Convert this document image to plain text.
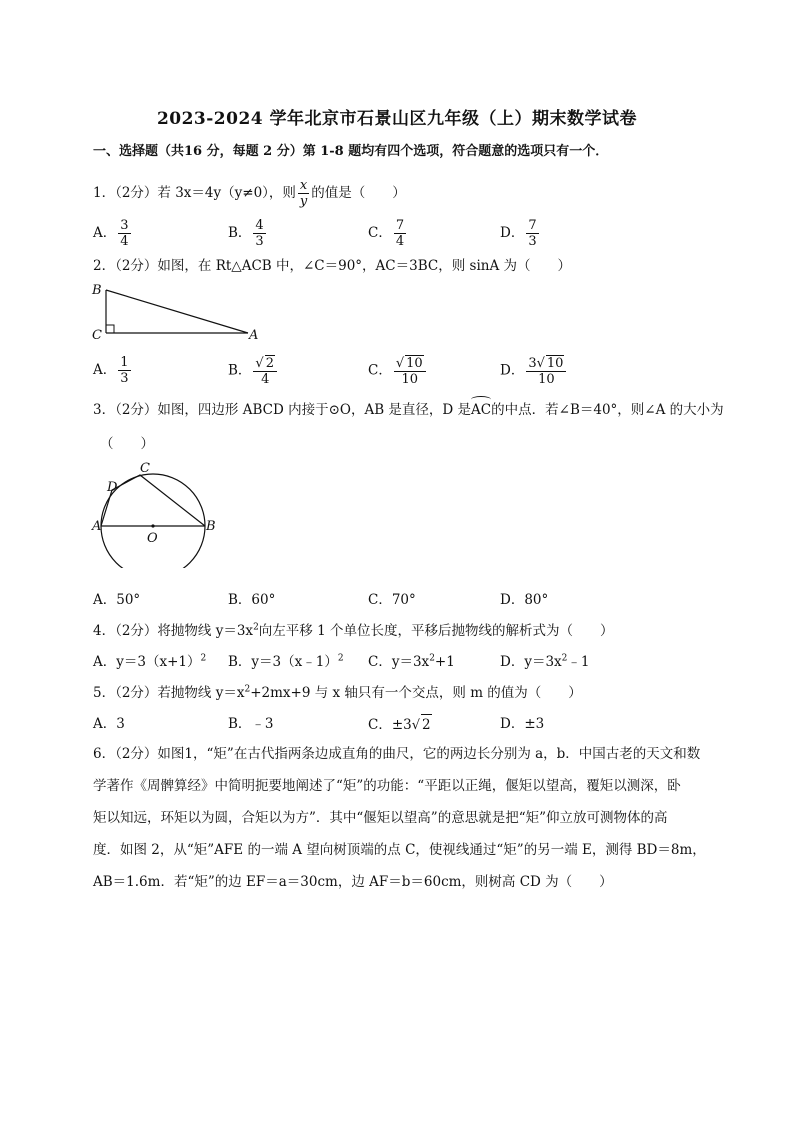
2023-2024 学年北京市石景山区九年级（上）期末数学试卷
一、选择题（共16 分，每题 2 分）第 1-8 题均有四个选项，符合题意的选项只有一个．
1．（2分）若 3x＝4y（y≠0），则 $\frac{x}{y}$ 的值是（　　）
A． $\frac{3}{4}$	B． $\frac{4}{3}$	C． $\frac{7}{4}$	D． $\frac{7}{3}$
2．（2分）如图，在 Rt△ACB 中，∠C＝90°，AC＝3BC，则 sinA 为（　　）
B
C	A
A． $\frac{1}{3}$	B． $\frac{√ 2}{4}$	C． $\frac{√ 10}{10}$	D． $\frac{3√ 10}{10}$
3．（2分）如图，四边形 ABCD 内接于⊙O，AB 是直径，D 是AC的中点．若∠B＝40°，则∠A 的大小为
（　　）
C
D
A	B
O
A．50°	B．60°	C．70°	D．80°
4．（2分）将抛物线 $y=3x^2$向左平移 1 个单位长度，平移后抛物线的解析式为（　　）
A．$y=3(x+1)^2$ B．y＝3（x﹣1）$^2$ C．$y=3x^2+1$	D．$y=3x^2﹣1$
5．（2分）若抛物线 $y=x^2+2mx+9$ 与 x 轴只有一个交点，则 m 的值为（　　）
A．3	B．﹣3	C．±3√ 2	D．±3
6．（2分）如图1，“矩”在古代指两条边成直角的曲尺，它的两边长分别为 a，b．中国古老的天文和数
学著作《周髀算经》中简明扼要地阐述了“矩”的功能：“平距以正绳，偃矩以望高，覆矩以测深，卧
矩以知远，环矩以为圆，合矩以为方”．其中“偃矩以望高”的意思就是把“矩”仰立放可测物体的高
度．如图 2，从“矩”AFE 的一端 A 望向树顶端的点 C，使视线通过“矩”的另一端 E，测得 BD＝8m，
AB＝1.6m．若“矩”的边 EF＝a＝30cm，边 AF＝b＝60cm，则树高 CD 为（　　）
